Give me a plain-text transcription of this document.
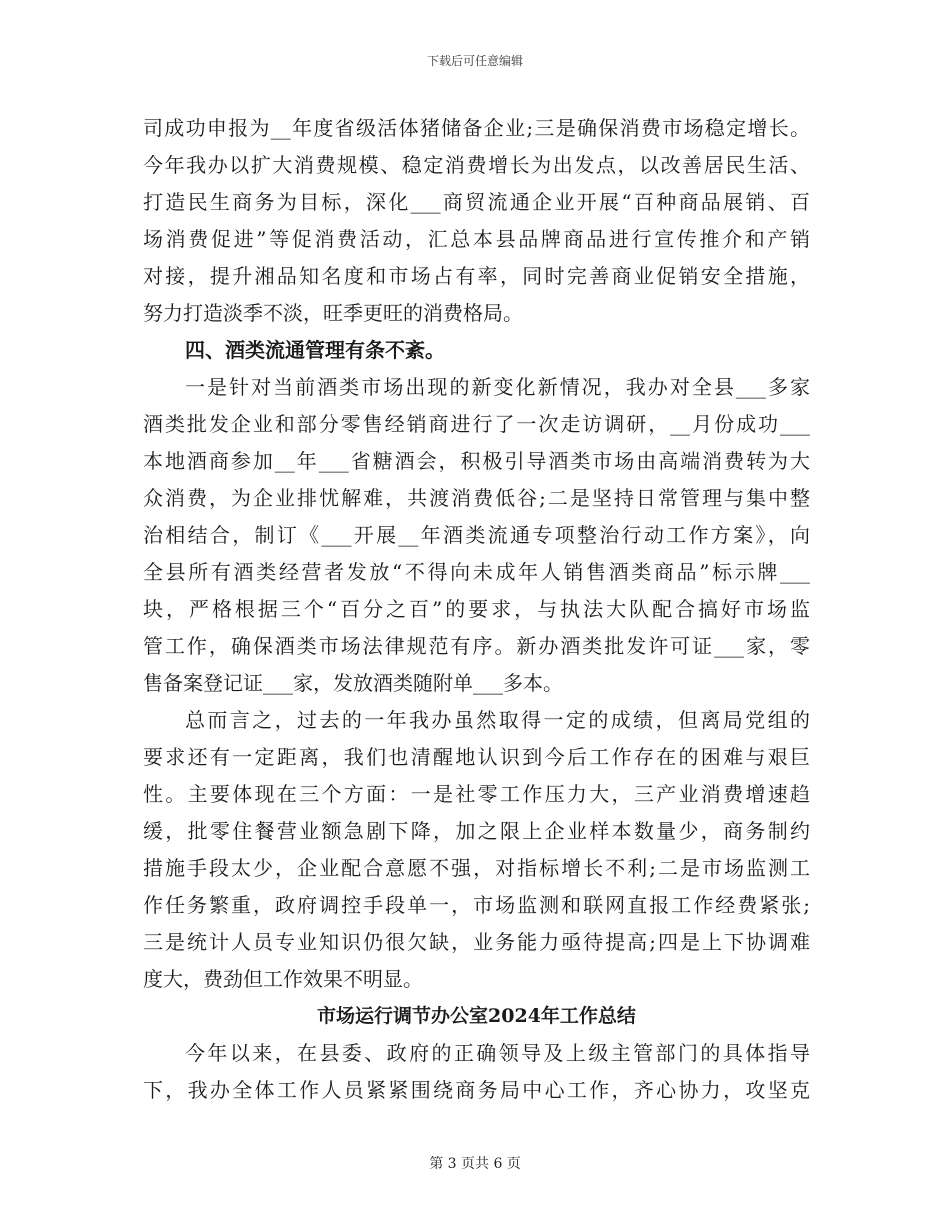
下载后可任意编辑
司成功申报为__年度省级活体猪储备企业;三是确保消费市场稳定增长。
今年我办以扩大消费规模、稳定消费增长为出发点，以改善居民生活、
打造民生商务为目标，深化___商贸流通企业开展“百种商品展销、百
场消费促进”等促消费活动，汇总本县品牌商品进行宣传推介和产销
对接，提升湘品知名度和市场占有率，同时完善商业促销安全措施，
努力打造淡季不淡，旺季更旺的消费格局。
四、酒类流通管理有条不紊。
一是针对当前酒类市场出现的新变化新情况，我办对全县___多家
酒类批发企业和部分零售经销商进行了一次走访调研，__月份成功___
本地酒商参加__年___省糖酒会，积极引导酒类市场由高端消费转为大
众消费，为企业排忧解难，共渡消费低谷;二是坚持日常管理与集中整
治相结合，制订《___开展__年酒类流通专项整治行动工作方案》，向
全县所有酒类经营者发放“不得向未成年人销售酒类商品”标示牌___
块，严格根据三个“百分之百”的要求，与执法大队配合搞好市场监
管工作，确保酒类市场法律规范有序。新办酒类批发许可证___家，零
售备案登记证___家，发放酒类随附单___多本。
总而言之，过去的一年我办虽然取得一定的成绩，但离局党组的
要求还有一定距离，我们也清醒地认识到今后工作存在的困难与艰巨
性。主要体现在三个方面：一是社零工作压力大，三产业消费增速趋
缓，批零住餐营业额急剧下降，加之限上企业样本数量少，商务制约
措施手段太少，企业配合意愿不强，对指标增长不利;二是市场监测工
作任务繁重，政府调控手段单一，市场监测和联网直报工作经费紧张;
三是统计人员专业知识仍很欠缺，业务能力亟待提高;四是上下协调难
度大，费劲但工作效果不明显。
市场运行调节办公室2024年工作总结
今年以来，在县委、政府的正确领导及上级主管部门的具体指导
下，我办全体工作人员紧紧围绕商务局中心工作，齐心协力，攻坚克
第 3 页共 6 页
